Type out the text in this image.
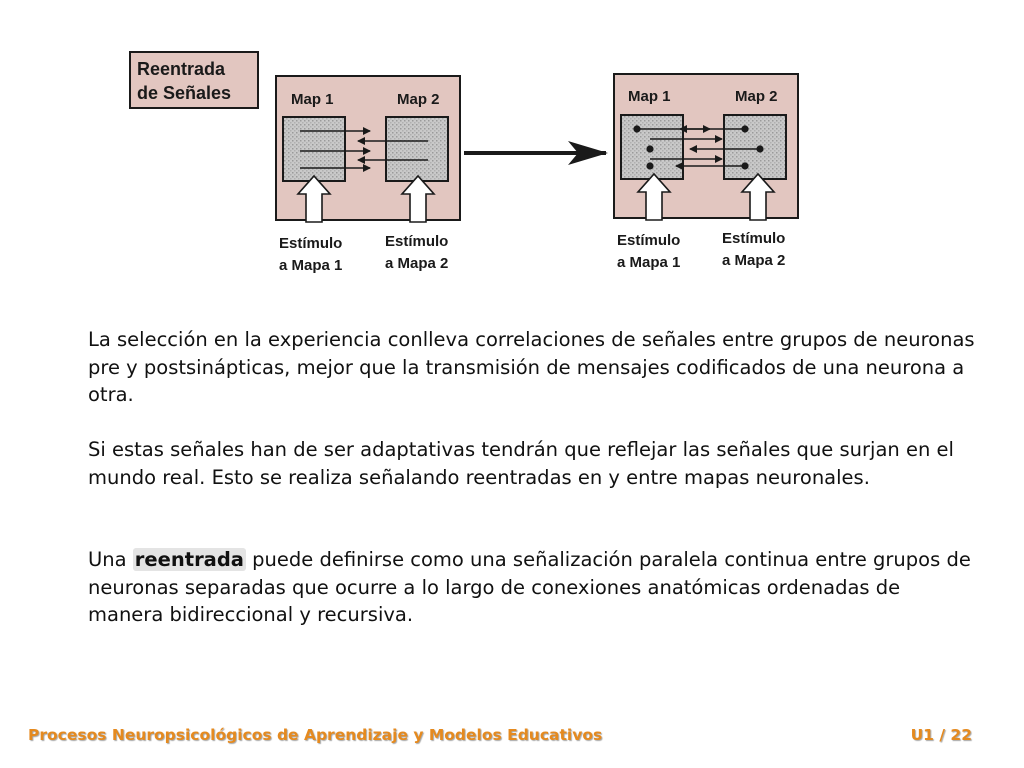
Reentrada
de Señales	Map 1	Map 2
Estímulo
a Mapa 1
Estímulo
a Mapa 2
Map 1	Map 2
Estímulo
a Mapa 1
Estímulo
a Mapa 2

La selección en la experiencia conlleva correlaciones de señales entre grupos de neuronas pre y postsinápticas, mejor que la transmisión de mensajes codificados de una neurona a otra.

Si estas señales han de ser adaptativas tendrán que reflejar las señales que surjan en el mundo real. Esto se realiza señalando reentradas en y entre mapas neuronales.

Una reentrada puede definirse como una señalización paralela continua entre grupos de neuronas separadas que ocurre a lo largo de conexiones anatómicas ordenadas de manera bidireccional y recursiva.

Procesos Neuropsicológicos de Aprendizaje y Modelos Educativos	U1 / 22
